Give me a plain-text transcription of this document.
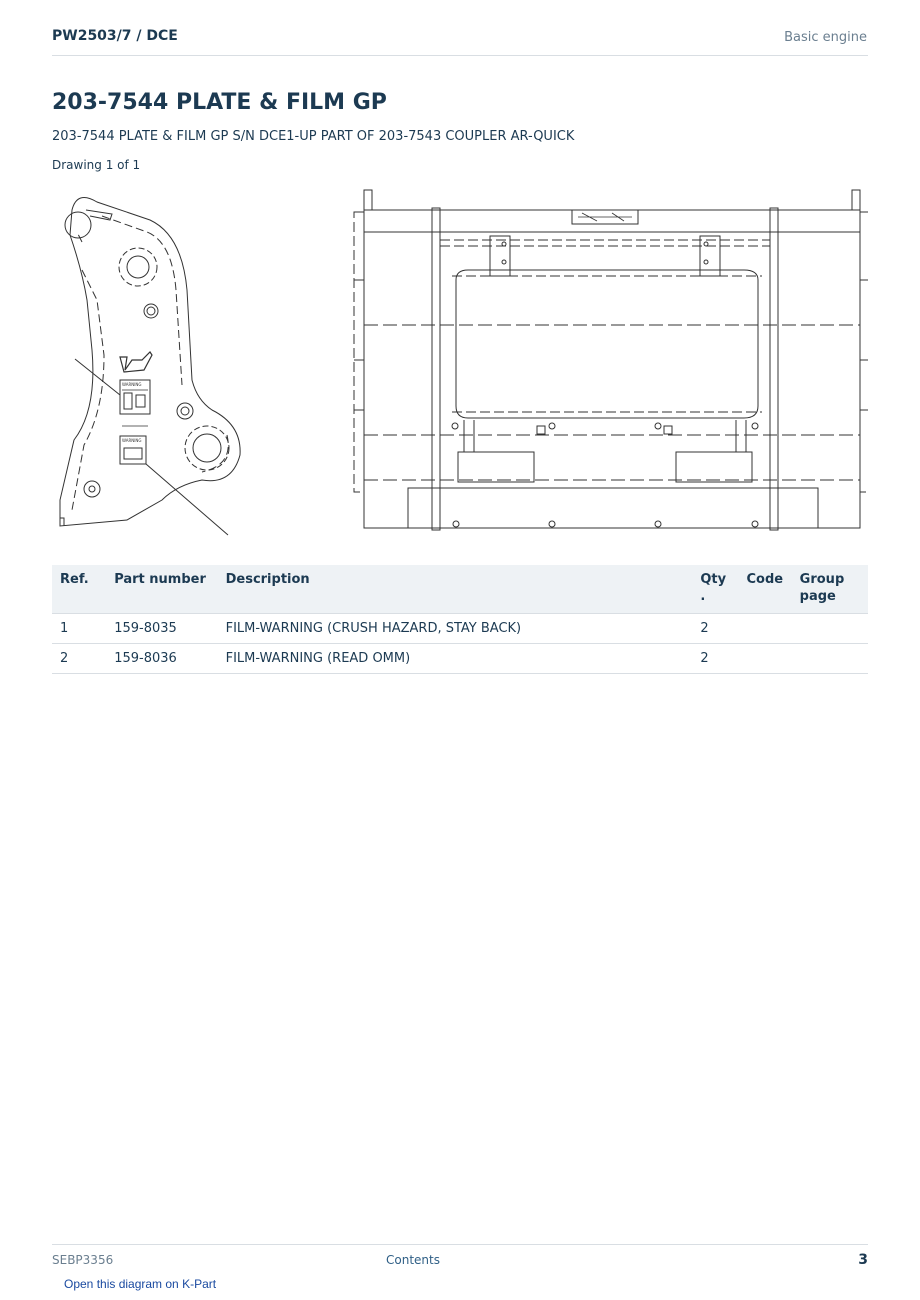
PW2503/7 / DCE	Basic engine
203-7544 PLATE & FILM GP
203-7544 PLATE & FILM GP S/N DCE1-UP PART OF 203-7543 COUPLER AR-QUICK
Drawing 1 of 1
WARNING
WARNING
Ref.	Part number	Description	Qty .	Code	Group page
1	159-8035	FILM-WARNING (CRUSH HAZARD, STAY BACK)	2		
2	159-8036	FILM-WARNING (READ OMM)	2		
SEBP3356	Contents	3
Open this diagram on K-Part
